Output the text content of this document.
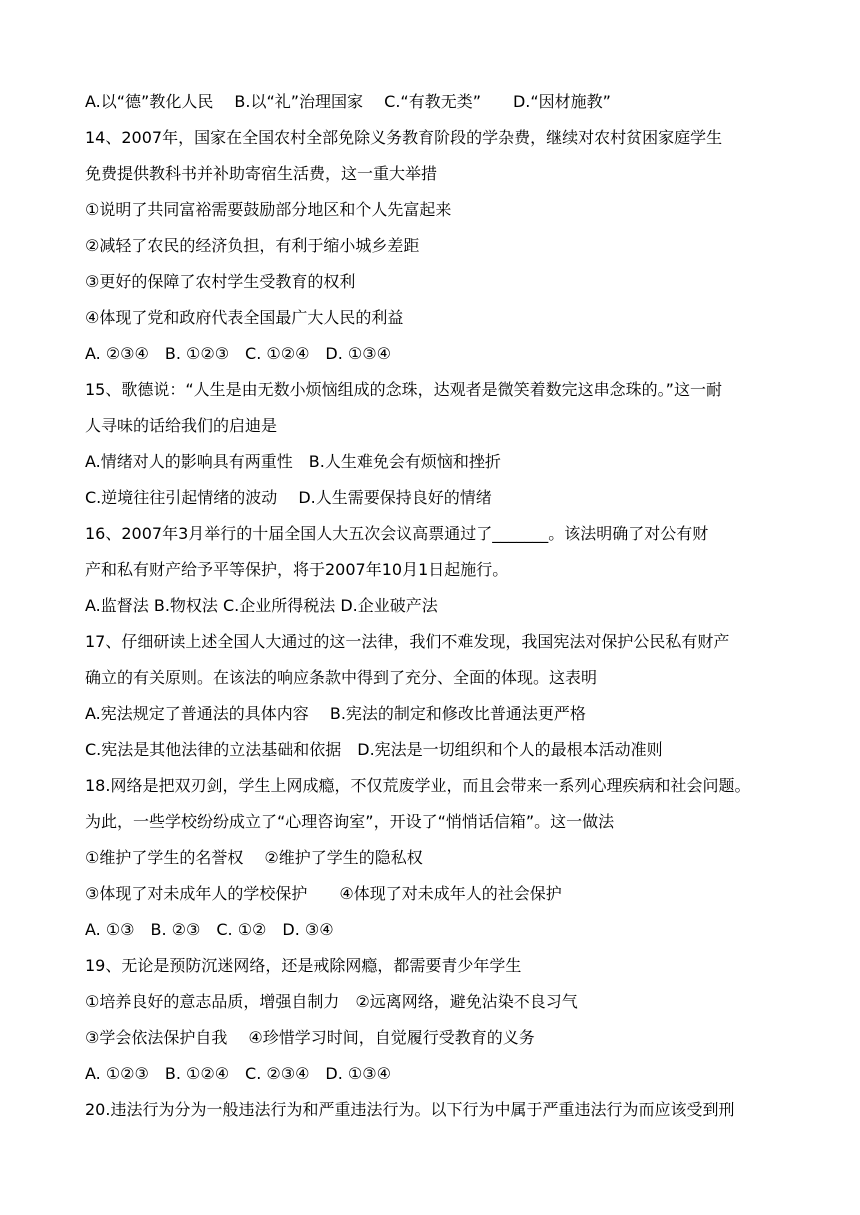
A.以“德”教化人民　 B.以“礼”治理国家　 C.“有教无类”　　D.“因材施教”
14、2007年，国家在全国农村全部免除义务教育阶段的学杂费，继续对农村贫困家庭学生
免费提供教科书并补助寄宿生活费，这一重大举措
①说明了共同富裕需要鼓励部分地区和个人先富起来
②减轻了农民的经济负担，有利于缩小城乡差距
③更好的保障了农村学生受教育的权利
④体现了党和政府代表全国最广大人民的利益
A. ②③④　B. ①②③　C. ①②④　D. ①③④
15、歌德说：“人生是由无数小烦恼组成的念珠，达观者是微笑着数完这串念珠的。”这一耐
人寻味的话给我们的启迪是
A.情绪对人的影响具有两重性　B.人生难免会有烦恼和挫折
C.逆境往往引起情绪的波动　 D.人生需要保持良好的情绪
16、2007年3月举行的十届全国人大五次会议高票通过了_______。该法明确了对公有财
产和私有财产给予平等保护，将于2007年10月1日起施行。
A.监督法 B.物权法 C.企业所得税法 D.企业破产法
17、仔细研读上述全国人大通过的这一法律，我们不难发现，我国宪法对保护公民私有财产
确立的有关原则。在该法的响应条款中得到了充分、全面的体现。这表明
A.宪法规定了普通法的具体内容　 B.宪法的制定和修改比普通法更严格
C.宪法是其他法律的立法基础和依据　D.宪法是一切组织和个人的最根本活动准则
18.网络是把双刃剑，学生上网成瘾，不仅荒废学业，而且会带来一系列心理疾病和社会问题。
为此，一些学校纷纷成立了“心理咨询室”，开设了“悄悄话信箱”。这一做法
①维护了学生的名誉权　 ②维护了学生的隐私权
③体现了对未成年人的学校保护　　④体现了对未成年人的社会保护
A. ①③　B. ②③　C. ①②　D. ③④
19、无论是预防沉迷网络，还是戒除网瘾，都需要青少年学生
①培养良好的意志品质，增强自制力　②远离网络，避免沾染不良习气
③学会依法保护自我　 ④珍惜学习时间，自觉履行受教育的义务
A. ①②③　B. ①②④　C. ②③④　D. ①③④
20.违法行为分为一般违法行为和严重违法行为。以下行为中属于严重违法行为而应该受到刑
